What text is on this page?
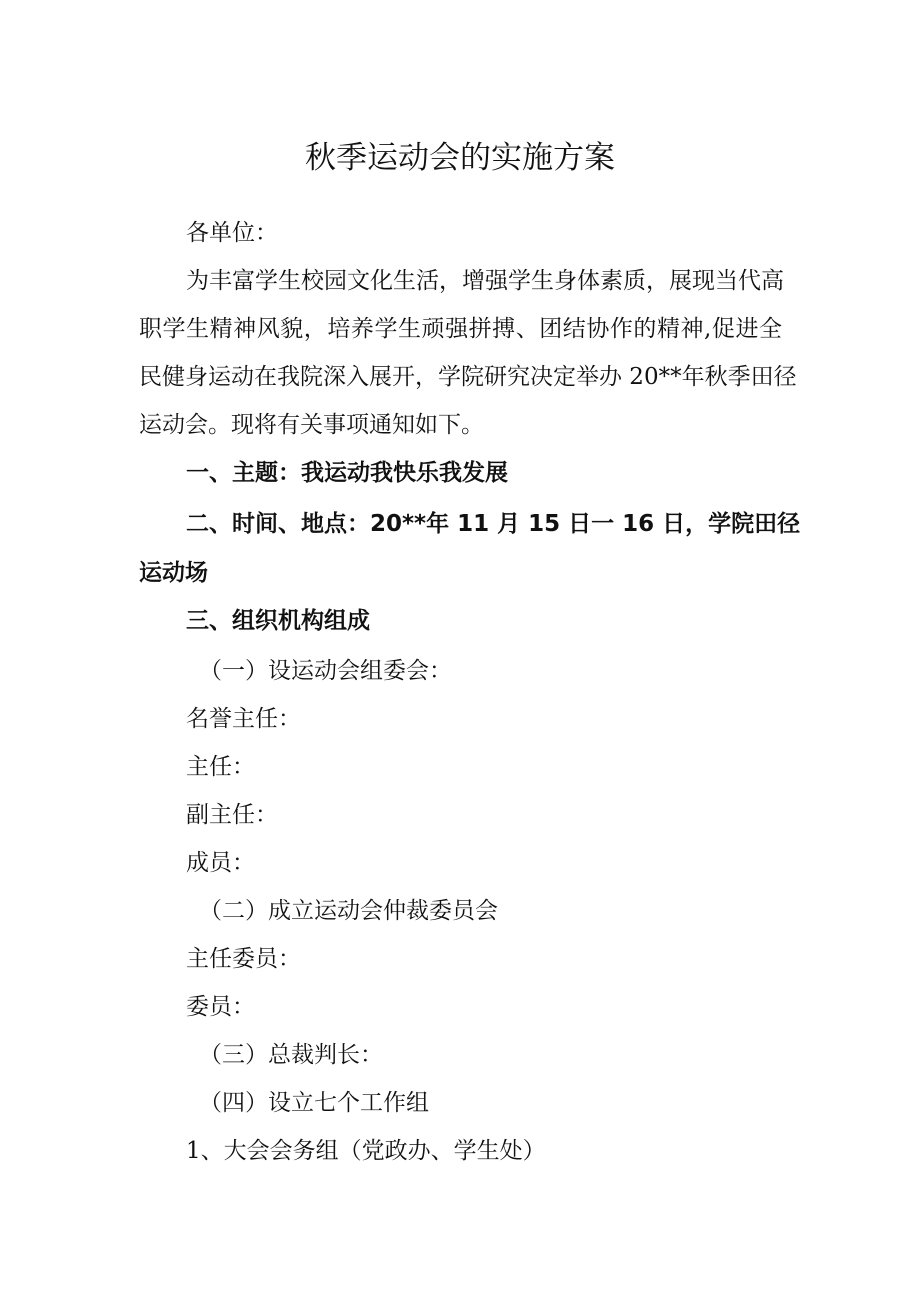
秋季运动会的实施方案

各单位：

为丰富学生校园文化生活，增强学生身体素质，展现当代高

职学生精神风貌，培养学生顽强拼搏、团结协作的精神,促进全

民健身运动在我院深入展开，学院研究决定举办 20**年秋季田径

运动会。现将有关事项通知如下。

一、主题：我运动我快乐我发展

二、时间、地点：20**年 11 月 15 日一 16 日，学院田径

运动场

三、组织机构组成

（一）设运动会组委会：

名誉主任：

主任：

副主任：

成员：

（二）成立运动会仲裁委员会

主任委员：

委员：

（三）总裁判长：

（四）设立七个工作组

1、大会会务组（党政办、学生处）
